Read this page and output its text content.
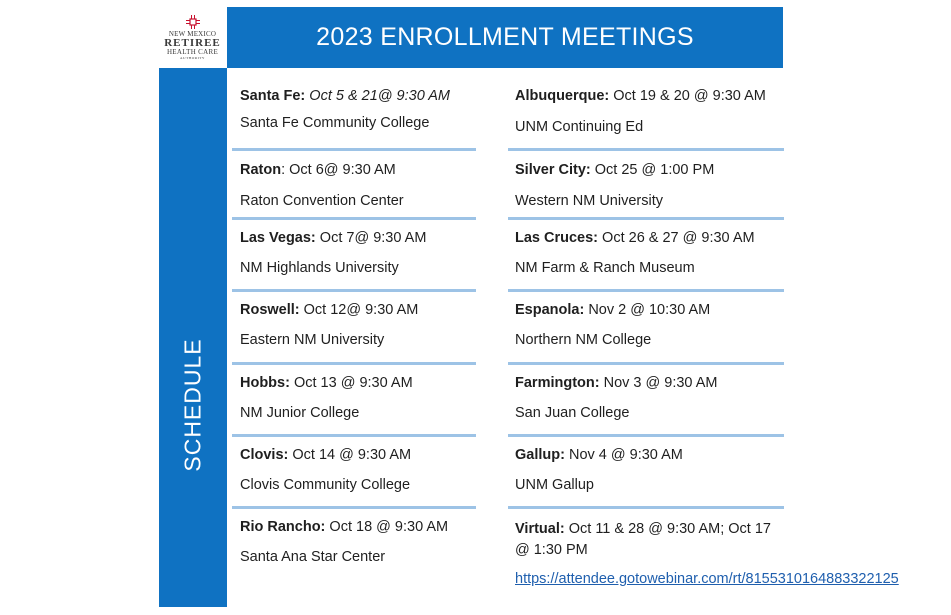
NEW MEXICO
RETIREE
HEALTH CARE
AUTHORITY
2023 ENROLLMENT MEETINGS
SCHEDULE
Santa Fe: Oct 5 & 21@ 9:30 AM
Santa Fe Community College
Raton: Oct 6@ 9:30 AM
Raton Convention Center
Las Vegas: Oct 7@ 9:30 AM
NM Highlands University
Roswell: Oct 12@ 9:30 AM
Eastern NM University
Hobbs: Oct 13 @ 9:30 AM
NM Junior College
Clovis: Oct 14 @ 9:30 AM
Clovis Community College
Rio Rancho: Oct 18 @ 9:30 AM
Santa Ana Star Center
Albuquerque: Oct 19 & 20 @ 9:30 AM
UNM Continuing Ed
Silver City: Oct 25 @ 1:00 PM
Western NM University
Las Cruces: Oct 26 & 27 @ 9:30 AM
NM Farm & Ranch Museum
Espanola: Nov 2 @ 10:30 AM
Northern NM College
Farmington: Nov 3 @ 9:30 AM
San Juan College
Gallup: Nov 4 @ 9:30 AM
UNM Gallup
Virtual: Oct 11 & 28 @ 9:30 AM; Oct 17 @ 1:30 PM
https://attendee.gotowebinar.com/rt/8155310164883322125
